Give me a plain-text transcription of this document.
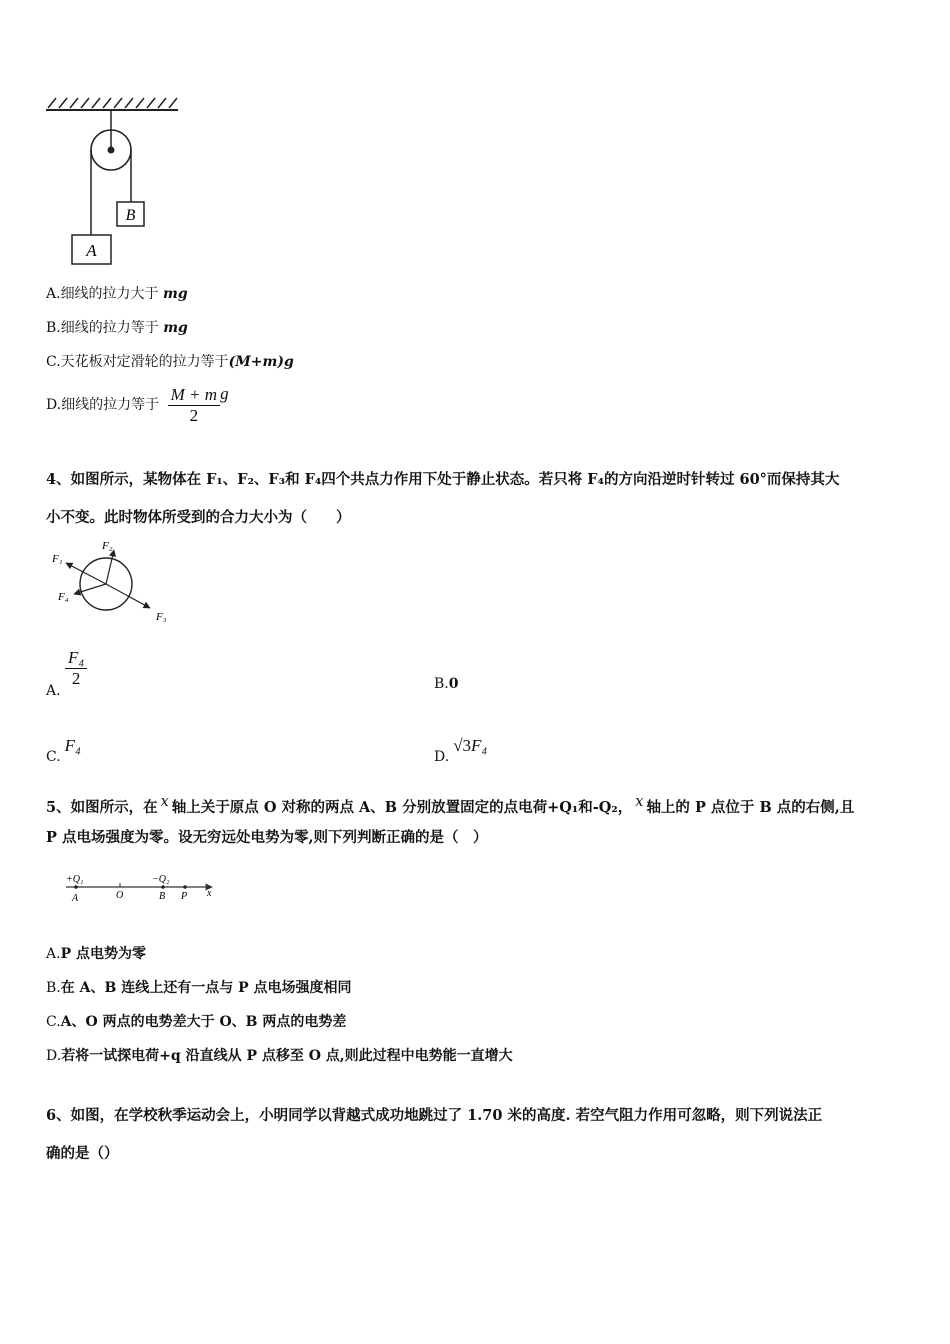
B
A
A.细线的拉力大于 mg
B.细线的拉力等于 mg
C.天花板对定滑轮的拉力等于(M+m)g
D.细线的拉力等于 $\frac{M + m}{2}$ g
4、如图所示，某物体在 F₁、F₂、F₃和 F₄四个共点力作用下处于静止状态。若只将 F₄的方向沿逆时针转过 60°而保持其大
小不变。此时物体所受到的合力大小为（　　）
F₁
F₂
F₄
F₃
A.
$\frac{\text{F₄}}{2}$	B.0
C.F₄
D.√3F₄
5、如图所示，在 x 轴上关于原点 O 对称的两点 A、B 分别放置固定的点电荷+Q₁和-Q₂， x 轴上的 P 点位于 B 点的右侧,且
P 点电场强度为零。设无穷远处电势为零,则下列判断正确的是（　）
+Q₁	−Q₂
A	O	B P x
A.P 点电势为零
B.在 A、B 连线上还有一点与 P 点电场强度相同
C.A、O 两点的电势差大于 O、B 两点的电势差
D.若将一试探电荷+q 沿直线从 P 点移至 O 点,则此过程中电势能一直增大
6、如图，在学校秋季运动会上，小明同学以背越式成功地跳过了 1.70 米的高度. 若空气阻力作用可忽略，则下列说法正
确的是（）
